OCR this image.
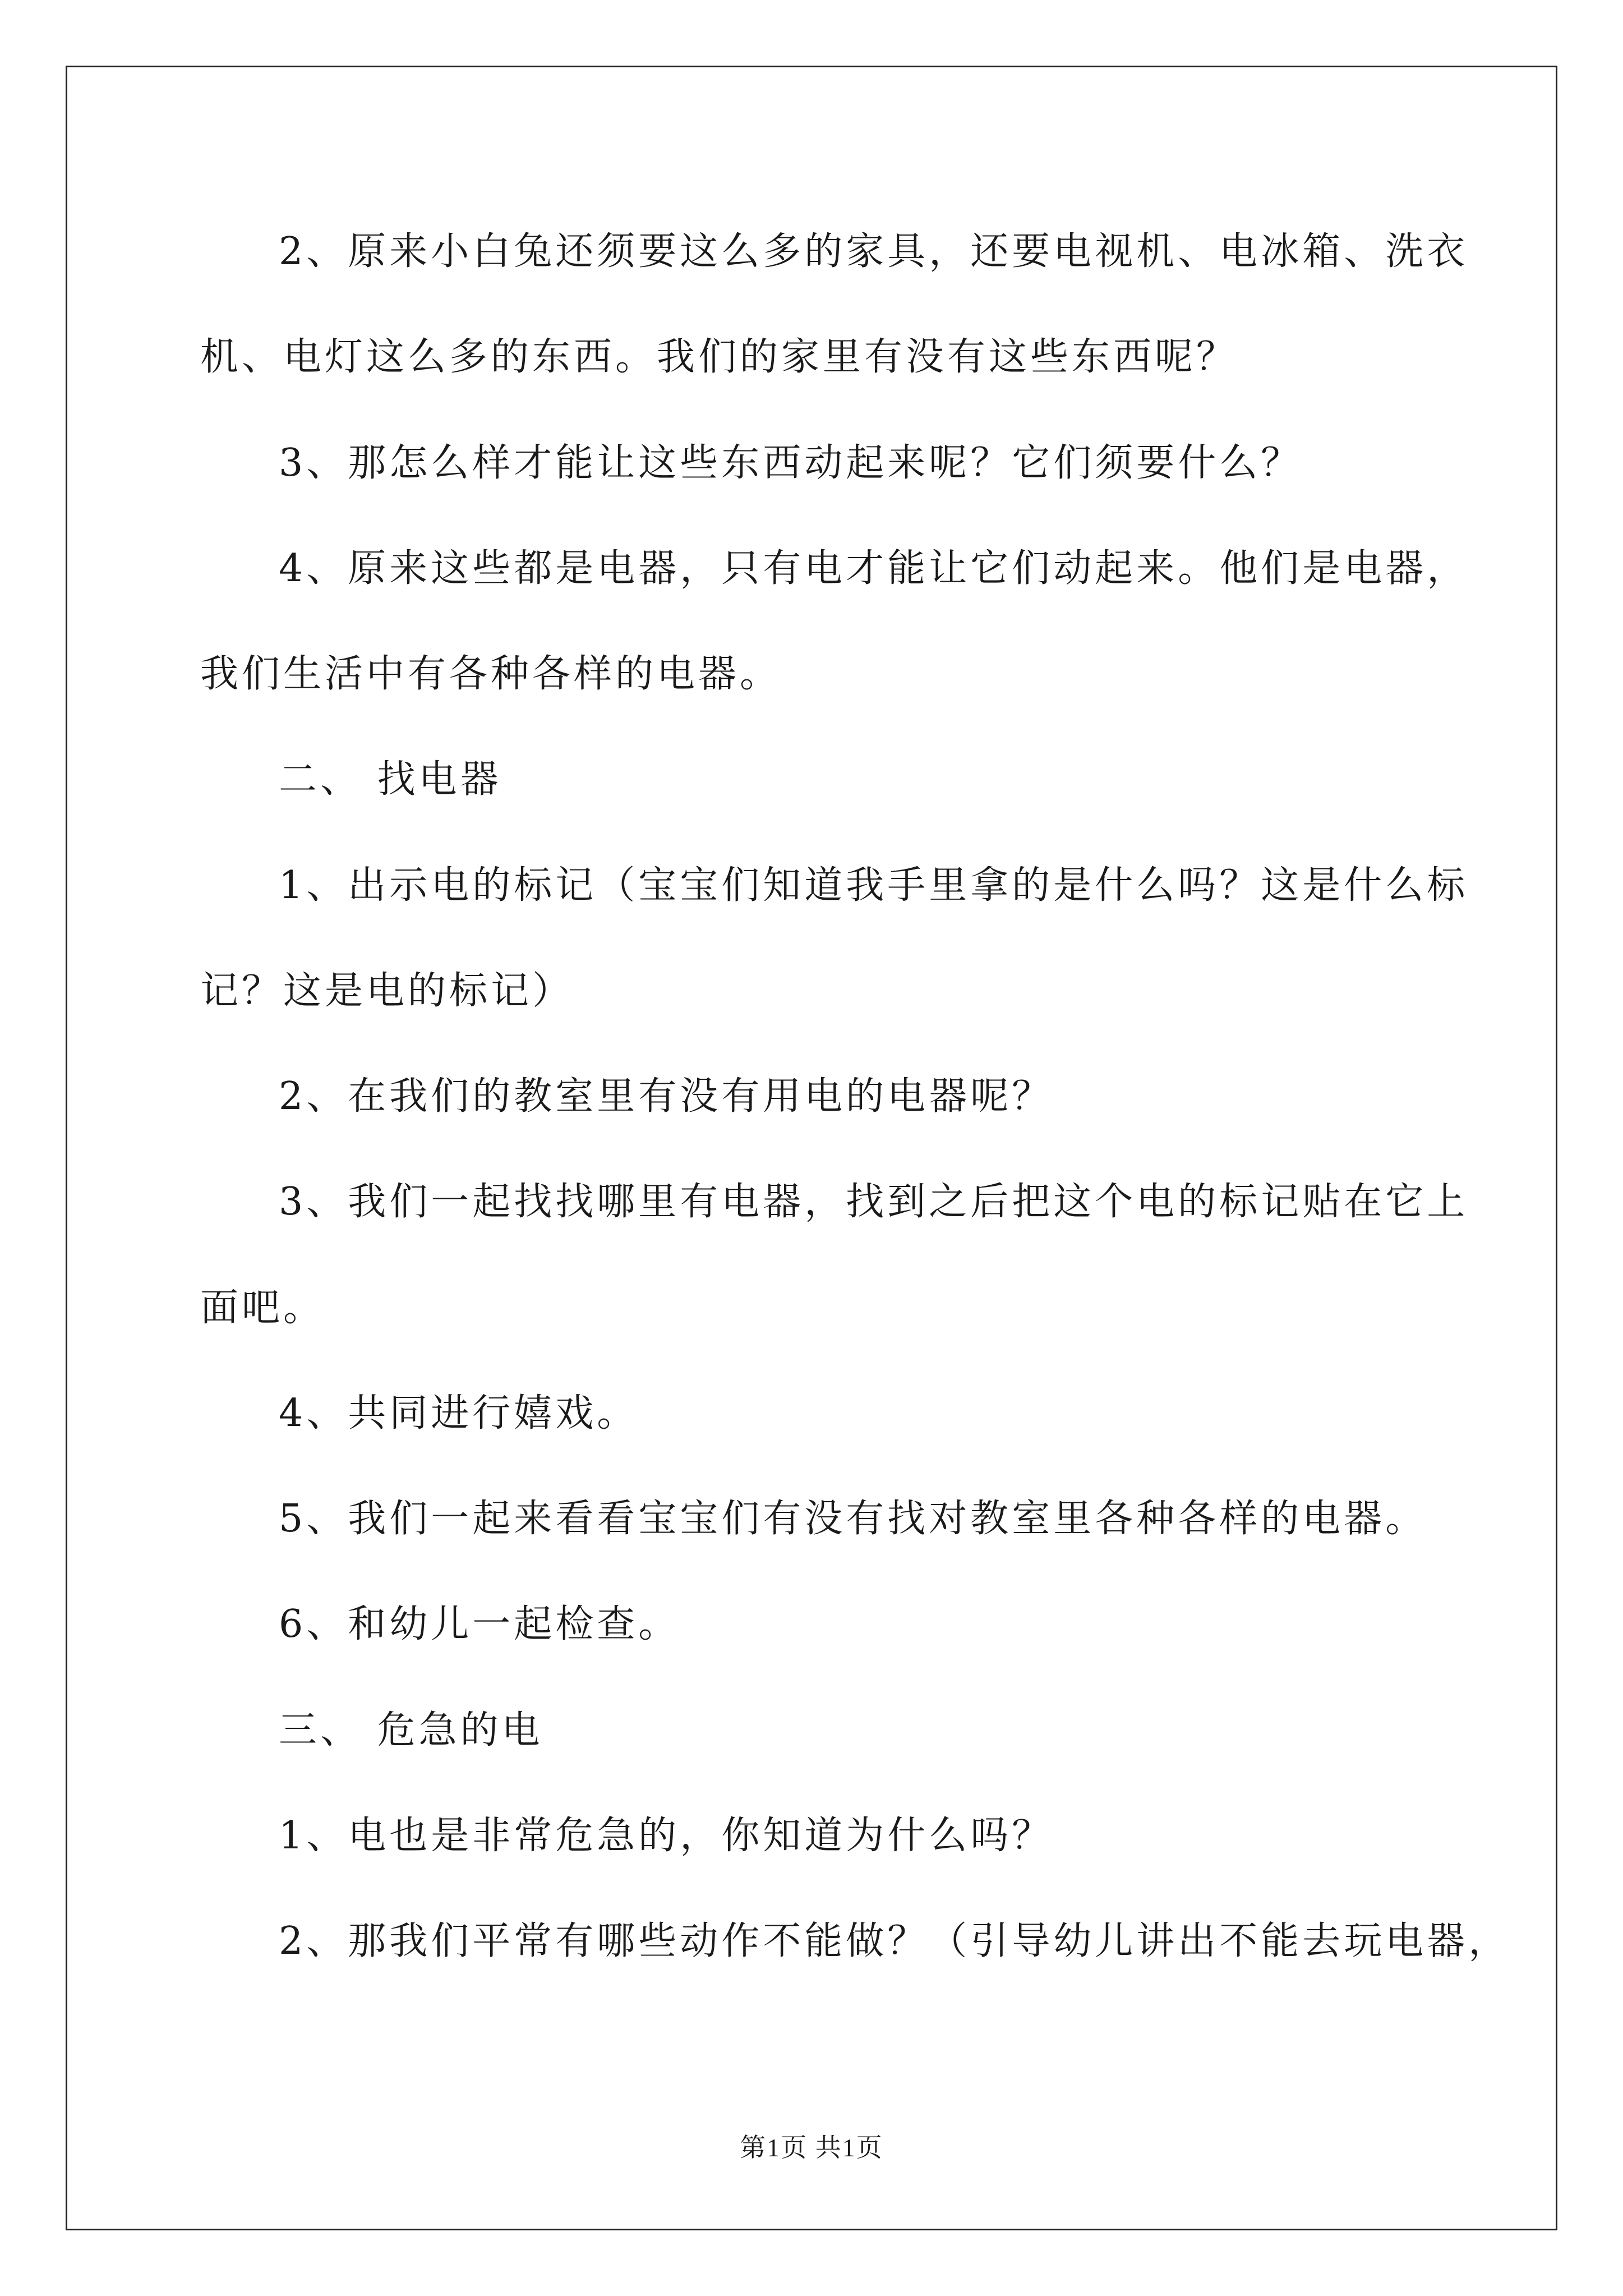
2、原来小白兔还须要这么多的家具，还要电视机、电冰箱、洗衣
机、电灯这么多的东西。我们的家里有没有这些东西呢？
3、那怎么样才能让这些东西动起来呢？它们须要什么？
4、原来这些都是电器，只有电才能让它们动起来。他们是电器，
我们生活中有各种各样的电器。
二、 找电器
1、出示电的标记（宝宝们知道我手里拿的是什么吗？这是什么标
记？这是电的标记）
2、在我们的教室里有没有用电的电器呢？
3、我们一起找找哪里有电器，找到之后把这个电的标记贴在它上
面吧。
4、共同进行嬉戏。
5、我们一起来看看宝宝们有没有找对教室里各种各样的电器。
6、和幼儿一起检查。
三、 危急的电
1、电也是非常危急的，你知道为什么吗？
2、那我们平常有哪些动作不能做？（引导幼儿讲出不能去玩电器，
第1页 共1页
